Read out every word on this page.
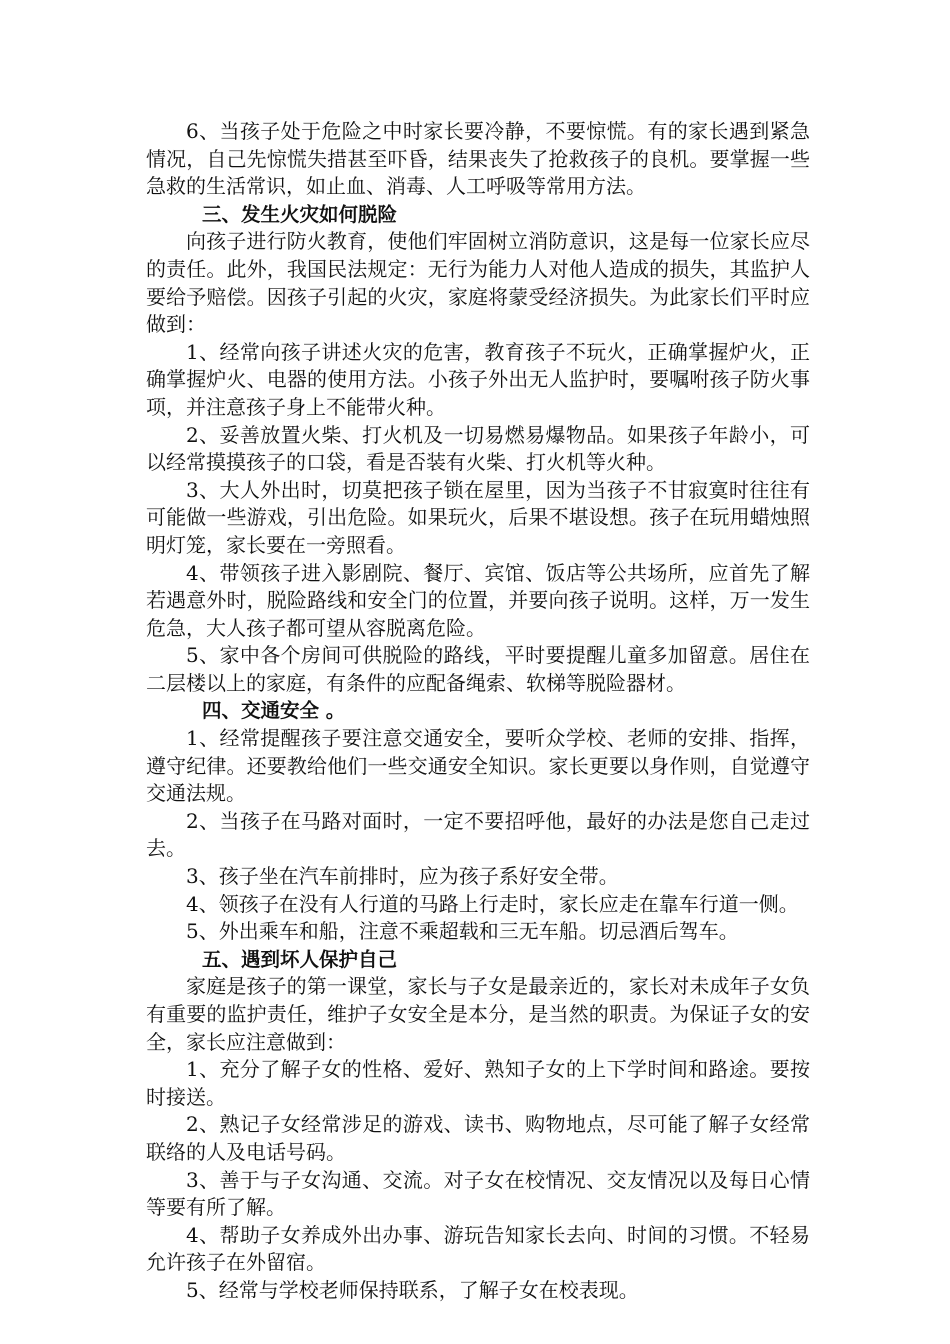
6、当孩子处于危险之中时家长要冷静，不要惊慌。有的家长遇到紧急情况，自己先惊慌失措甚至吓昏，结果丧失了抢救孩子的良机。要掌握一些急救的生活常识，如止血、消毒、人工呼吸等常用方法。

三、发生火灾如何脱险

向孩子进行防火教育，使他们牢固树立消防意识，这是每一位家长应尽的责任。此外，我国民法规定：无行为能力人对他人造成的损失，其监护人要给予赔偿。因孩子引起的火灾，家庭将蒙受经济损失。为此家长们平时应做到：

1、经常向孩子讲述火灾的危害，教育孩子不玩火，正确掌握炉火，正确掌握炉火、电器的使用方法。小孩子外出无人监护时，要嘱咐孩子防火事项，并注意孩子身上不能带火种。

2、妥善放置火柴、打火机及一切易燃易爆物品。如果孩子年龄小，可以经常摸摸孩子的口袋，看是否装有火柴、打火机等火种。

3、大人外出时，切莫把孩子锁在屋里，因为当孩子不甘寂寞时往往有可能做一些游戏，引出危险。如果玩火，后果不堪设想。孩子在玩用蜡烛照明灯笼，家长要在一旁照看。

4、带领孩子进入影剧院、餐厅、宾馆、饭店等公共场所，应首先了解若遇意外时，脱险路线和安全门的位置，并要向孩子说明。这样，万一发生危急，大人孩子都可望从容脱离危险。

5、家中各个房间可供脱险的路线，平时要提醒儿童多加留意。居住在二层楼以上的家庭，有条件的应配备绳索、软梯等脱险器材。

四、交通安全 。

1、经常提醒孩子要注意交通安全，要听众学校、老师的安排、指挥，遵守纪律。还要教给他们一些交通安全知识。家长更要以身作则，自觉遵守交通法规。

2、当孩子在马路对面时，一定不要招呼他，最好的办法是您自己走过去。

3、孩子坐在汽车前排时，应为孩子系好安全带。

4、领孩子在没有人行道的马路上行走时，家长应走在靠车行道一侧。

5、外出乘车和船，注意不乘超载和三无车船。切忌酒后驾车。

五、遇到坏人保护自己

家庭是孩子的第一课堂，家长与子女是最亲近的，家长对未成年子女负有重要的监护责任，维护子女安全是本分，是当然的职责。为保证子女的安全，家长应注意做到：

1、充分了解子女的性格、爱好、熟知子女的上下学时间和路途。要按时接送。

2、熟记子女经常涉足的游戏、读书、购物地点，尽可能了解子女经常联络的人及电话号码。

3、善于与子女沟通、交流。对子女在校情况、交友情况以及每日心情等要有所了解。

4、帮助子女养成外出办事、游玩告知家长去向、时间的习惯。不轻易允许孩子在外留宿。

5、经常与学校老师保持联系，了解子女在校表现。
